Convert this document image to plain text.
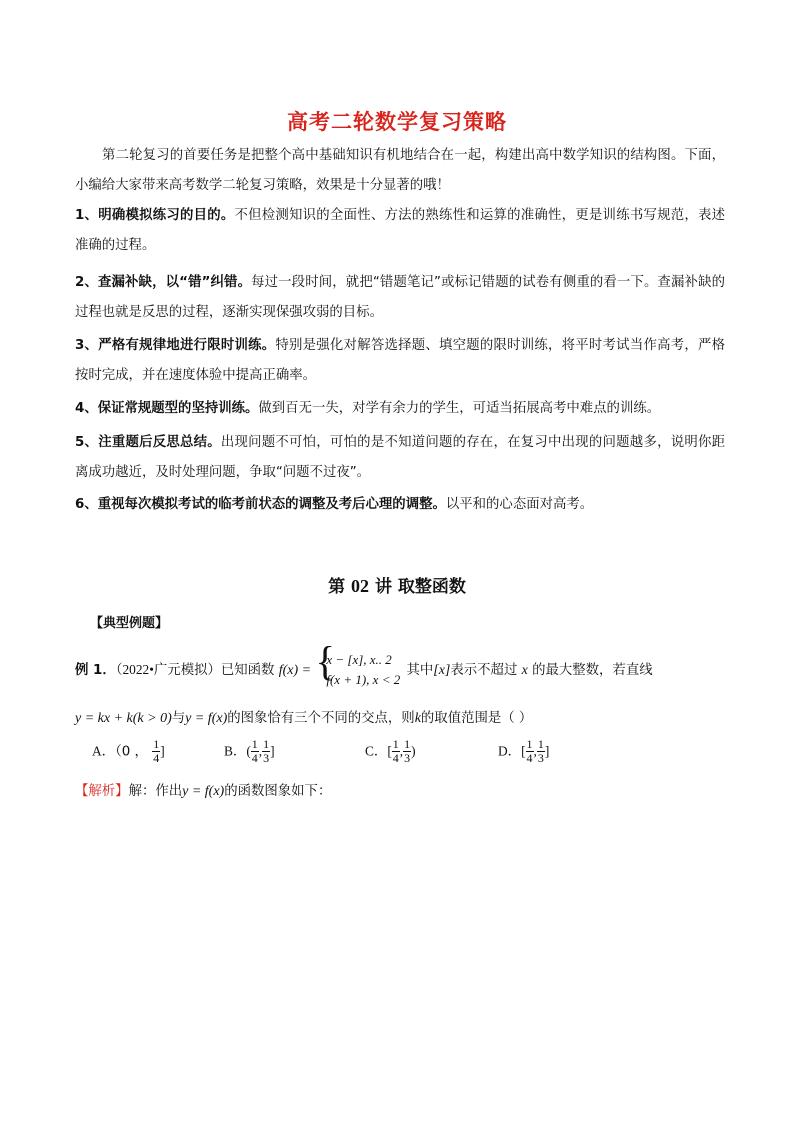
高考二轮数学复习策略
第二轮复习的首要任务是把整个高中基础知识有机地结合在一起，构建出高中数学知识的结构图。下面，小编给大家带来高考数学二轮复习策略，效果是十分显著的哦！
1、明确模拟练习的目的。不但检测知识的全面性、方法的熟练性和运算的准确性，更是训练书写规范，表述准确的过程。
2、查漏补缺，以“错”纠错。每过一段时间，就把“错题笔记”或标记错题的试卷有侧重的看一下。查漏补缺的过程也就是反思的过程，逐渐实现保强攻弱的目标。
3、严格有规律地进行限时训练。特别是强化对解答选择题、填空题的限时训练，将平时考试当作高考，严格按时完成，并在速度体验中提高正确率。
4、保证常规题型的坚持训练。做到百无一失，对学有余力的学生，可适当拓展高考中难点的训练。
5、注重题后反思总结。出现问题不可怕，可怕的是不知道问题的存在，在复习中出现的问题越多，说明你距离成功越近，及时处理问题，争取“问题不过夜”。
6、重视每次模拟考试的临考前状态的调整及考后心理的调整。以平和的心态面对高考。
第 02 讲 取整函数
【典型例题】
例 1．（2022•广元模拟）已知函数 f(x) =
{ x − [x], x.. 2
f(x + 1), x < 2
其中[x]表示不超过 x 的最大整数，若直线
y = kx + k(k > 0)与y = f(x)的图象恰有三个不同的交点，则k的取值范围是（ ）
A．（0 ， $\frac{1}{4}$ ]	B．( $\frac{1}{4}$ , $\frac{1}{3}$ ]	C．[ $\frac{1}{4}$ , $\frac{1}{3}$ )	D．[ $\frac{1}{4}$ , $\frac{1}{3}$ ]
【解析】解：作出y = f(x)的函数图象如下：
